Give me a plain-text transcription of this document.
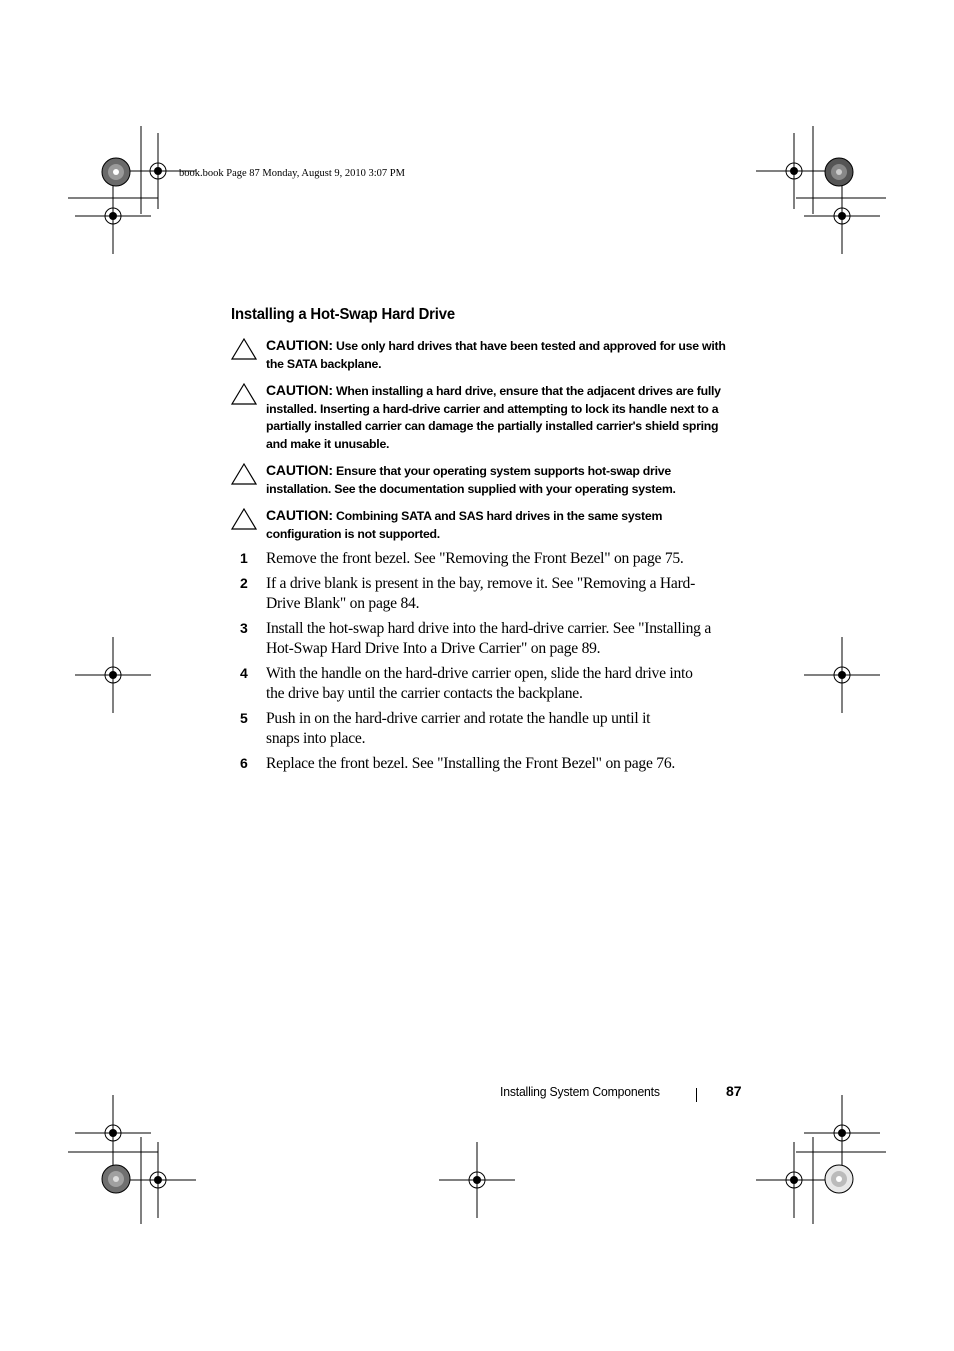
book.book Page 87 Monday, August 9, 2010 3:07 PM
Installing a Hot-Swap Hard Drive
CAUTION: Use only hard drives that have been tested and approved for use with
the SATA backplane.
CAUTION: When installing a hard drive, ensure that the adjacent drives are fully
installed. Inserting a hard-drive carrier and attempting to lock its handle next to a
partially installed carrier can damage the partially installed carrier's shield spring
and make it unusable.
CAUTION: Ensure that your operating system supports hot-swap drive
installation. See the documentation supplied with your operating system.
CAUTION: Combining SATA and SAS hard drives in the same system
configuration is not supported.
1 Remove the front bezel. See "Removing the Front Bezel" on page 75.
2 If a drive blank is present in the bay, remove it. See "Removing a Hard-
Drive Blank" on page 84.
3 Install the hot-swap hard drive into the hard-drive carrier. See "Installing a
Hot-Swap Hard Drive Into a Drive Carrier" on page 89.
4 With the handle on the hard-drive carrier open, slide the hard drive into
the drive bay until the carrier contacts the backplane.
5 Push in on the hard-drive carrier and rotate the handle up until it
snaps into place.
6 Replace the front bezel. See "Installing the Front Bezel" on page 76.
Installing System Components	87
